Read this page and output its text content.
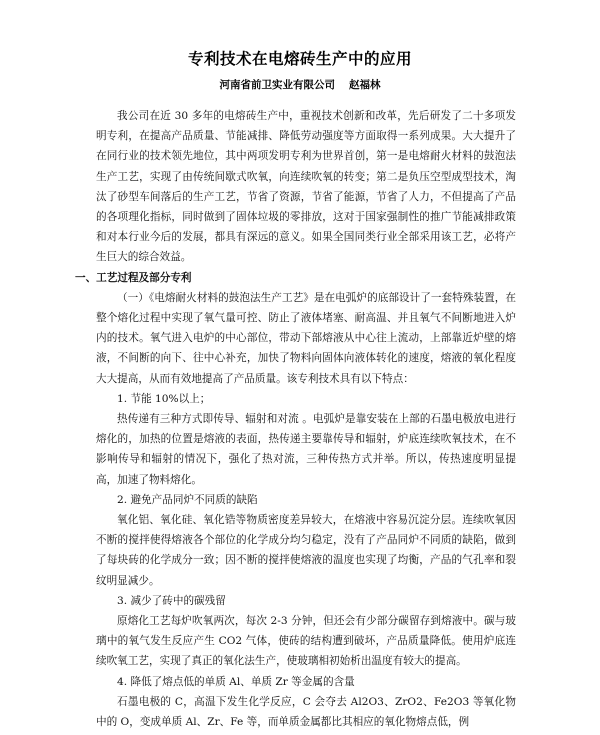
专利技术在电熔砖生产中的应用
河南省前卫实业有限公司 赵福林

我公司在近 30 多年的电熔砖生产中，重视技术创新和改革，先后研发了二十多项发明专利，在提高产品质量、节能减排、降低劳动强度等方面取得一系列成果。大大提升了在同行业的技术领先地位，其中两项发明专利为世界首创，第一是电熔耐火材料的鼓泡法生产工艺，实现了由传统间歇式吹氧，向连续吹氧的转变；第二是负压空型成型技术，淘汰了砂型车间落后的生产工艺，节省了资源，节省了能源，节省了人力，不但提高了产品的各项理化指标，同时做到了固体垃圾的零排放，这对于国家强制性的推广节能减排政策和对本行业今后的发展，都具有深远的意义。如果全国同类行业全部采用该工艺，必将产生巨大的综合效益。

一、工艺过程及部分专利

（一）《电熔耐火材料的鼓泡法生产工艺》是在电弧炉的底部设计了一套特殊装置，在整个熔化过程中实现了氧气量可控、防止了液体堵塞、耐高温、并且氧气不间断地进入炉内的技术。氧气进入电炉的中心部位，带动下部熔液从中心往上流动，上部靠近炉壁的熔液，不间断的向下、往中心补充，加快了物料向固体向液体转化的速度，熔液的氧化程度大大提高，从而有效地提高了产品质量。该专利技术具有以下特点：

1. 节能 10%以上；

热传递有三种方式即传导、辐射和对流 。电弧炉是靠安装在上部的石墨电极放电进行熔化的，加热的位置是熔液的表面，热传递主要靠传导和辐射，炉底连续吹氧技术，在不影响传导和辐射的情况下，强化了热对流，三种传热方式并举。所以，传热速度明显提高，加速了物料熔化。

2. 避免产品同炉不同质的缺陷

氧化铝、氧化硅、氧化锆等物质密度差异较大，在熔液中容易沉淀分层。连续吹氧因不断的搅拌使得熔液各个部位的化学成分均匀稳定，没有了产品同炉不同质的缺陷，做到了每块砖的化学成分一致；因不断的搅拌使熔液的温度也实现了均衡，产品的气孔率和裂纹明显减少。

3. 减少了砖中的碳残留

原熔化工艺每炉吹氧两次，每次 2-3 分钟，但还会有少部分碳留存到熔液中。碳与玻璃中的氧气发生反应产生 CO2 气体，使砖的结构遭到破坏，产品质量降低。使用炉底连续吹氧工艺，实现了真正的氧化法生产，使玻璃相初始析出温度有较大的提高。

4. 降低了熔点低的单质 Al、单质 Zr 等金属的含量

石墨电极的 C，高温下发生化学反应，C 会夺去 Al2O3、ZrO2、Fe2O3 等氧化物中的 O，变成单质 Al、Zr、Fe 等，而单质金属都比其相应的氧化物熔点低，例
